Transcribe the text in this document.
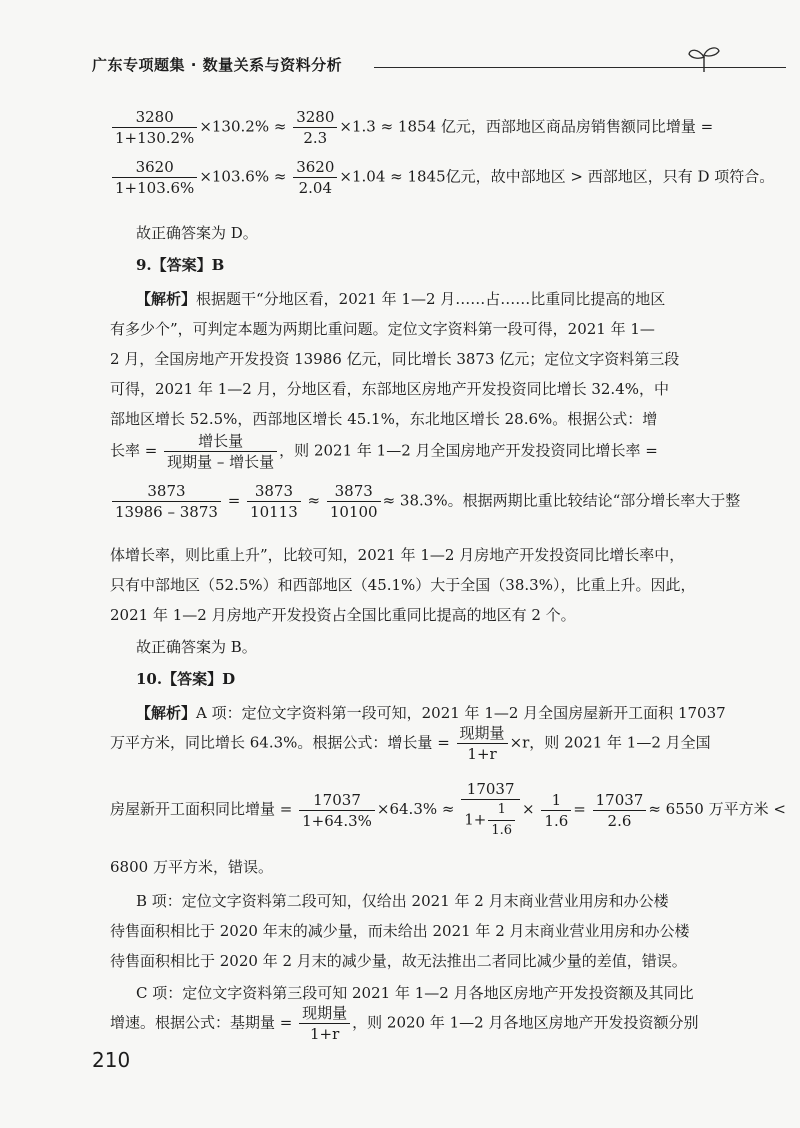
广东专项题集 · 数量关系与资料分析
$\frac{3280}{1+130.2\%} \times 130.2\% \approx \frac{3280}{2.3} \times 1.3 \approx 1854$ 亿元，西部地区商品房销售额同比增量 =
$\frac{3620}{1+103.6\%} \times 103.6\% \approx \frac{3620}{2.04} \times 1.04 \approx 1845$亿元，故中部地区 > 西部地区，只有 D 项符合。
故正确答案为 D。
9.【答案】B
【解析】根据题干“分地区看，2021 年 1—2 月……占……比重同比提高的地区
有多少个”，可判定本题为两期比重问题。定位文字资料第一段可得，2021 年 1—
2 月，全国房地产开发投资 13986 亿元，同比增长 3873 亿元；定位文字资料第三段
可得，2021 年 1—2 月，分地区看，东部地区房地产开发投资同比增长 32.4%，中
部地区增长 52.5%，西部地区增长 45.1%，东北地区增长 28.6%。根据公式：增
长率 = $\frac{\text{增长量}}{\text{现期量 – 增长量}}$ ，则 2021 年 1—2 月全国房地产开发投资同比增长率 =
$\frac{3873}{13986 - 3873} = \frac{3873}{10113} \approx \frac{3873}{10100} \approx 38.3\%$。根据两期比重比较结论“部分增长率大于整
体增长率，则比重上升”，比较可知，2021 年 1—2 月房地产开发投资同比增长率中，
只有中部地区（52.5%）和西部地区（45.1%）大于全国（38.3%），比重上升。因此，
2021 年 1—2 月房地产开发投资占全国比重同比提高的地区有 2 个。
故正确答案为 B。
10.【答案】D
【解析】A 项：定位文字资料第一段可知，2021 年 1—2 月全国房屋新开工面积 17037
万平方米，同比增长 64.3%。根据公式：增长量 = $\frac{\text{现期量}}{1+r} \times r$，则 2021 年 1—2 月全国
房屋新开工面积同比增量 = $\frac{17037}{1+64.3\%} \times 64.3\% \approx \frac{17037}{1+ \frac{1}{1.6}} \times \frac{1}{1.6} = \frac{17037}{2.6} \approx 6550$ 万平方米 <
6800 万平方米，错误。
B 项：定位文字资料第二段可知，仅给出 2021 年 2 月末商业营业用房和办公楼
待售面积相比于 2020 年末的减少量，而未给出 2021 年 2 月末商业营业用房和办公楼
待售面积相比于 2020 年 2 月末的减少量，故无法推出二者同比减少量的差值，错误。
C 项：定位文字资料第三段可知 2021 年 1—2 月各地区房地产开发投资额及其同比
增速。根据公式：基期量 = $\frac{\text{现期量}}{1+r}$ ，则 2020 年 1—2 月各地区房地产开发投资额分别
210
